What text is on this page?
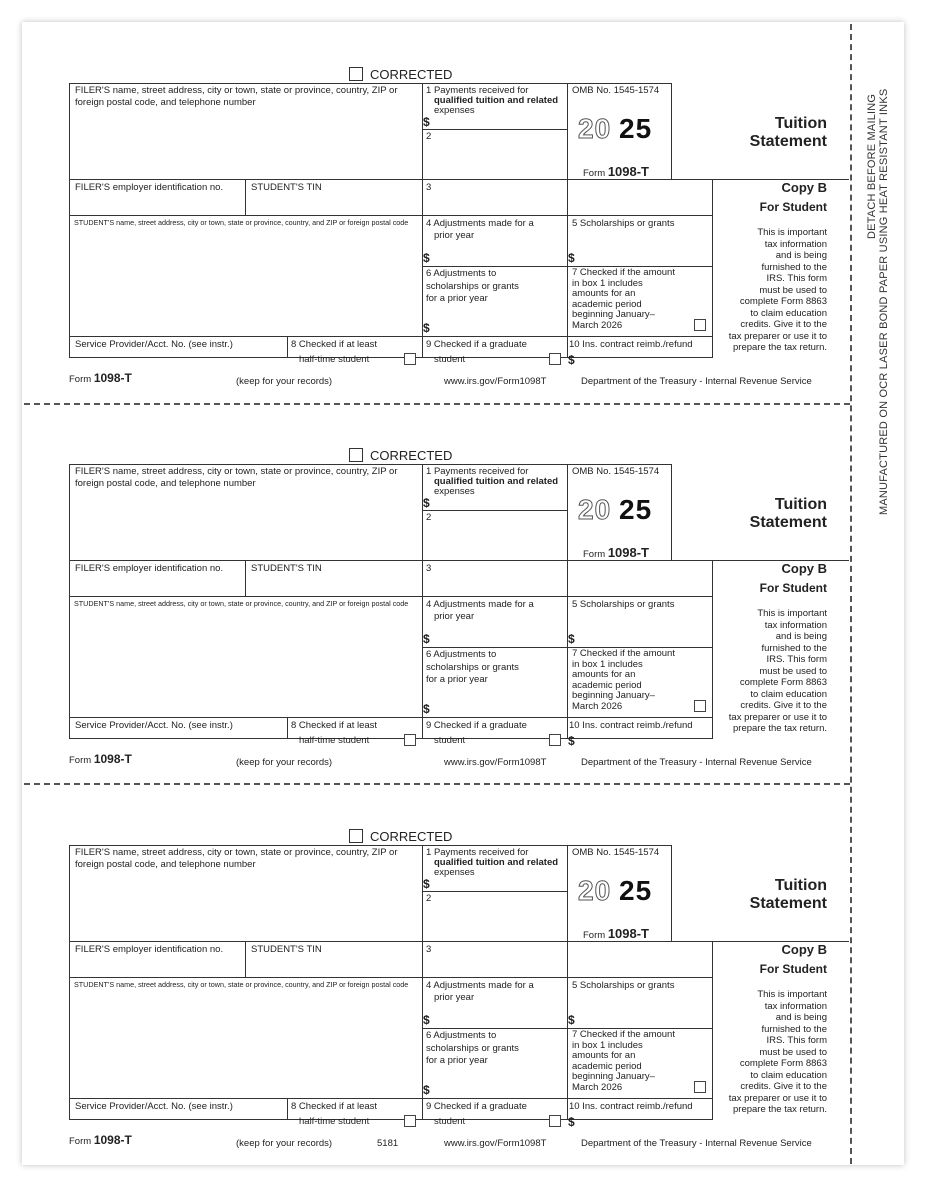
DETACH BEFORE MAILING MANUFACTURED ON OCR LASER BOND PAPER USING HEAT RESISTANT INKS
CORRECTED
FILER'S name, street address, city or town, state or province, country, ZIP or foreign postal code, and telephone number
1 Payments received for
qualified tuition and related
expenses
$
2
OMB No. 1545-1574
20 25
Form 1098-T
Tuition
Statement
FILER'S employer identification no.	STUDENT'S TIN	3	Copy B
For Student
This is important
tax information
and is being
furnished to the
IRS. This form
must be used to
complete Form 8863
to claim education
credits. Give it to the
tax preparer or use it to
prepare the tax return.
STUDENT'S name, street address, city or town, state or province, country, and ZIP or foreign postal code 4 Adjustments made for a
prior year
$
5 Scholarships or grants
$
6 Adjustments to
scholarships or grants
for a prior year
$
7 Checked if the amount
in box 1 includes
amounts for an
academic period
beginning January–
March 2026
Service Provider/Acct. No. (see instr.)	8 Checked if at least
half-time student
9 Checked if a graduate
student
10 Ins. contract reimb./refund
$
Form 1098-T	(keep for your records)	www.irs.gov/Form1098T	Department of the Treasury - Internal Revenue Service
CORRECTED
FILER'S name, street address, city or town, state or province, country, ZIP or foreign postal code, and telephone number
1 Payments received for
qualified tuition and related
expenses
$
2
OMB No. 1545-1574
20 25
Form 1098-T
Tuition
Statement
FILER'S employer identification no.	STUDENT'S TIN	3	Copy B
For Student
This is important
tax information
and is being
furnished to the
IRS. This form
must be used to
complete Form 8863
to claim education
credits. Give it to the
tax preparer or use it to
prepare the tax return.
STUDENT'S name, street address, city or town, state or province, country, and ZIP or foreign postal code 4 Adjustments made for a
prior year
$
5 Scholarships or grants
$
6 Adjustments to
scholarships or grants
for a prior year
$
7 Checked if the amount
in box 1 includes
amounts for an
academic period
beginning January–
March 2026
Service Provider/Acct. No. (see instr.)	8 Checked if at least
half-time student
9 Checked if a graduate
student
10 Ins. contract reimb./refund
$
Form 1098-T	(keep for your records)	www.irs.gov/Form1098T	Department of the Treasury - Internal Revenue Service
CORRECTED
FILER'S name, street address, city or town, state or province, country, ZIP or foreign postal code, and telephone number
1 Payments received for
qualified tuition and related
expenses
$
2
OMB No. 1545-1574
20 25
Form 1098-T
Tuition
Statement
FILER'S employer identification no.	STUDENT'S TIN	3	Copy B
For Student
This is important
tax information
and is being
furnished to the
IRS. This form
must be used to
complete Form 8863
to claim education
credits. Give it to the
tax preparer or use it to
prepare the tax return.
STUDENT'S name, street address, city or town, state or province, country, and ZIP or foreign postal code 4 Adjustments made for a
prior year
$
5 Scholarships or grants
$
6 Adjustments to
scholarships or grants
for a prior year
$
7 Checked if the amount
in box 1 includes
amounts for an
academic period
beginning January–
March 2026
Service Provider/Acct. No. (see instr.)	8 Checked if at least
half-time student
9 Checked if a graduate
student
10 Ins. contract reimb./refund
$
Form 1098-T	(keep for your records)	5181	www.irs.gov/Form1098T	Department of the Treasury - Internal Revenue Service
